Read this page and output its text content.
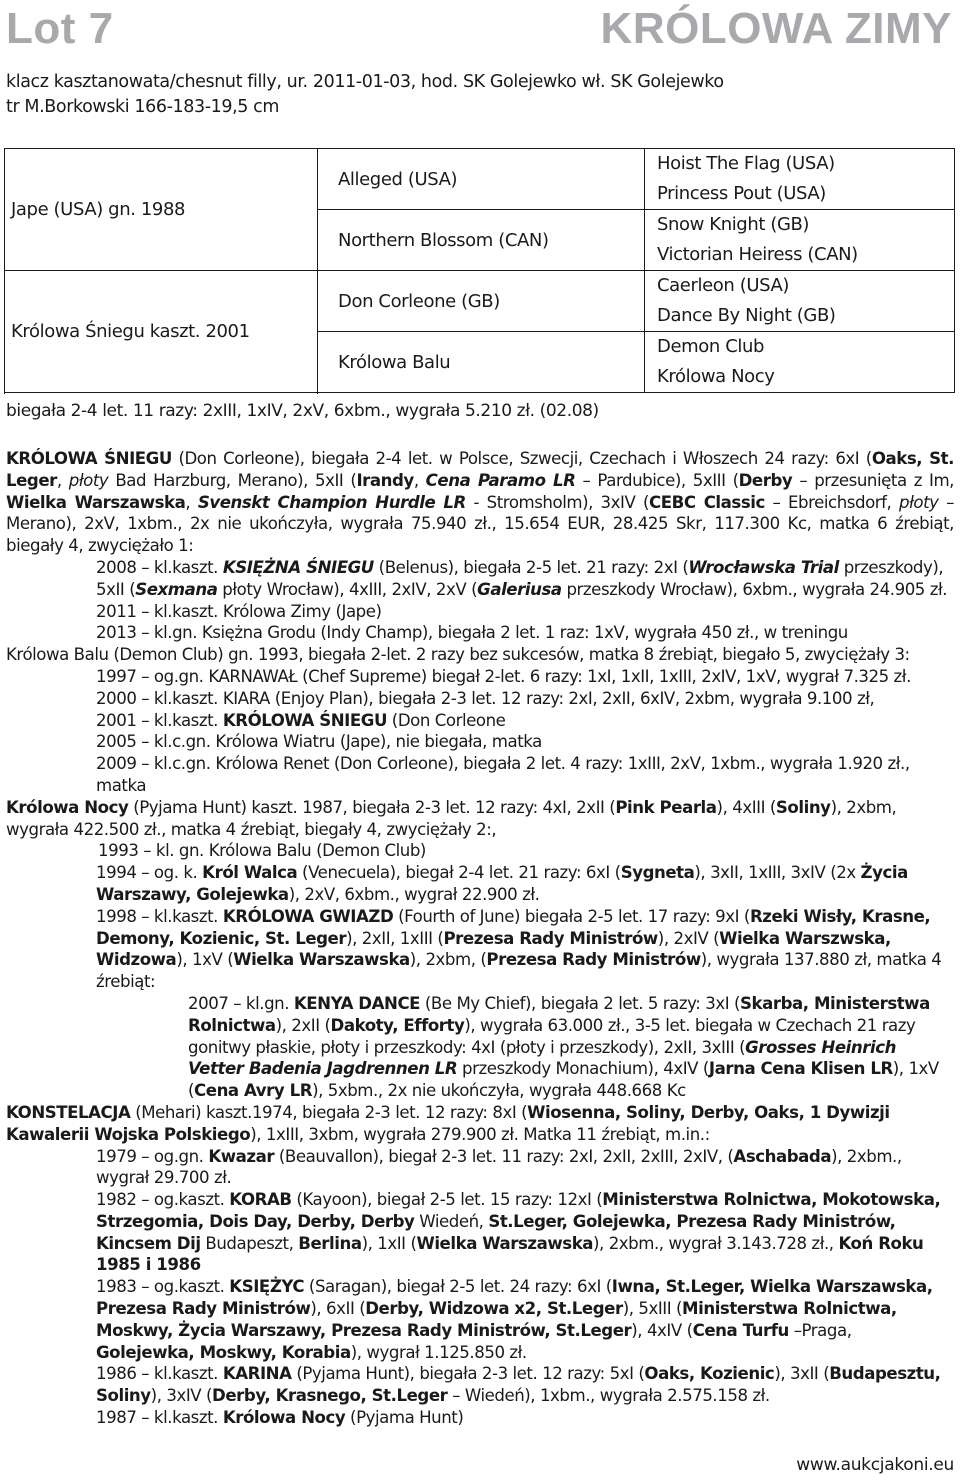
Lot 7	KRÓLOWA ZIMY
klacz kasztanowata/chesnut filly, ur. 2011-01-03, hod. SK Golejewko wł. SK Golejewko
tr M.Borkowski 166-183-19,5 cm
Jape (USA) gn. 1988	Alleged (USA)	Hoist The Flag (USA)
Princess Pout (USA)

	Northern Blossom (CAN)	Snow Knight (GB)
Victorian Heiress (CAN)

Królowa Śniegu kaszt. 2001	Don Corleone (GB)	Caerleon (USA)
Dance By Night (GB)

	Królowa Balu	Demon Club
Królowa Nocy

biegała 2-4 let. 11 razy: 2xIII, 1xIV, 2xV, 6xbm., wygrała 5.210 zł. (02.08)

KRÓLOWA ŚNIEGU (Don Corleone), biegała 2-4 let. w Polsce, Szwecji, Czechach i Włoszech 24 razy: 6xI (Oaks, St. Leger, płoty Bad Harzburg, Merano), 5xII (Irandy, Cena Paramo LR – Pardubice), 5xIII (Derby – przesunięta z Im, Wielka Warszawska, Svenskt Champion Hurdle LR - Stromsholm), 3xIV (CEBC Classic – Ebreichsdorf, płoty – Merano), 2xV, 1xbm., 2x nie ukończyła, wygrała 75.940 zł., 15.654 EUR, 28.425 Skr, 117.300 Kc, matka 6 źrebiąt, biegały 4, zwyciężało 1:

2008 – kl.kaszt. KSIĘŻNA ŚNIEGU (Belenus), biegała 2-5 let. 21 razy: 2xI (Wrocławska Trial przeszkody), 5xII (Sexmana płoty Wrocław), 4xIII, 2xIV, 2xV (Galeriusa przeszkody Wrocław), 6xbm., wygrała 24.905 zł.

2011 – kl.kaszt. Królowa Zimy (Jape)

2013 – kl.gn. Księżna Grodu (Indy Champ), biegała 2 let. 1 raz: 1xV, wygrała 450 zł., w treningu

Królowa Balu (Demon Club) gn. 1993, biegała 2-let. 2 razy bez sukcesów, matka 8 źrebiąt, biegało 5, zwyciężały 3:

1997 – og.gn. KARNAWAŁ (Chef Supreme) biegał 2-let. 6 razy: 1xI, 1xII, 1xIII, 2xIV, 1xV, wygrał 7.325 zł.

2000 – kl.kaszt. KIARA (Enjoy Plan), biegała 2-3 let. 12 razy: 2xI, 2xII, 6xIV, 2xbm, wygrała 9.100 zł,

2001 – kl.kaszt. KRÓLOWA ŚNIEGU (Don Corleone

2005 – kl.c.gn. Królowa Wiatru (Jape), nie biegała, matka

2009 – kl.c.gn. Królowa Renet (Don Corleone), biegała 2 let. 4 razy: 1xIII, 2xV, 1xbm., wygrała 1.920 zł., matka

Królowa Nocy (Pyjama Hunt) kaszt. 1987, biegała 2-3 let. 12 razy: 4xI, 2xII (Pink Pearla), 4xIII (Soliny), 2xbm, wygrała 422.500 zł., matka 4 źrebiąt, biegały 4, zwyciężały 2:,

1993 – kl. gn. Królowa Balu (Demon Club)

1994 – og. k. Król Walca (Venecuela), biegał 2-4 let. 21 razy: 6xI (Sygneta), 3xII, 1xIII, 3xIV (2x Życia Warszawy, Golejewka), 2xV, 6xbm., wygrał 22.900 zł.

1998 – kl.kaszt. KRÓLOWA GWIAZD (Fourth of June) biegała 2-5 let. 17 razy: 9xI (Rzeki Wisły, Krasne, Demony, Kozienic, St. Leger), 2xII, 1xIII (Prezesa Rady Ministrów), 2xIV (Wielka Warszwska, Widzowa), 1xV (Wielka Warszawska), 2xbm, (Prezesa Rady Ministrów), wygrała 137.880 zł, matka 4 źrebiąt:

2007 – kl.gn. KENYA DANCE (Be My Chief), biegała 2 let. 5 razy: 3xI (Skarba, Ministerstwa Rolnictwa), 2xII (Dakoty, Efforty), wygrała 63.000 zł., 3-5 let. biegała w Czechach 21 razy gonitwy płaskie, płoty i przeszkody: 4xI (płoty i przeszkody), 2xII, 3xIII (Grosses Heinrich Vetter Badenia Jagdrennen LR przeszkody Monachium), 4xIV (Jarna Cena Klisen LR), 1xV (Cena Avry LR), 5xbm., 2x nie ukończyła, wygrała 448.668 Kc

KONSTELACJA (Mehari) kaszt.1974, biegała 2-3 let. 12 razy: 8xI (Wiosenna, Soliny, Derby, Oaks, 1 Dywizji Kawalerii Wojska Polskiego), 1xIII, 3xbm, wygrała 279.900 zł. Matka 11 źrebiąt, m.in.:

1979 – og.gn. Kwazar (Beauvallon), biegał 2-3 let. 11 razy: 2xI, 2xII, 2xIII, 2xIV, (Aschabada), 2xbm., wygrał 29.700 zł.

1982 – og.kaszt. KORAB (Kayoon), biegał 2-5 let. 15 razy: 12xI (Ministerstwa Rolnictwa, Mokotowska, Strzegomia, Dois Day, Derby, Derby Wiedeń, St.Leger, Golejewka, Prezesa Rady Ministrów, Kincsem Dij Budapeszt, Berlina), 1xII (Wielka Warszawska), 2xbm., wygrał 3.143.728 zł., Koń Roku 1985 i 1986

1983 – og.kaszt. KSIĘŻYC (Saragan), biegał 2-5 let. 24 razy: 6xI (Iwna, St.Leger, Wielka Warszawska, Prezesa Rady Ministrów), 6xII (Derby, Widzowa x2, St.Leger), 5xIII (Ministerstwa Rolnictwa, Moskwy, Życia Warszawy, Prezesa Rady Ministrów, St.Leger), 4xIV (Cena Turfu –Praga, Golejewka, Moskwy, Korabia), wygrał 1.125.850 zł.

1986 – kl.kaszt. KARINA (Pyjama Hunt), biegała 2-3 let. 12 razy: 5xI (Oaks, Kozienic), 3xII (Budapesztu, Soliny), 3xIV (Derby, Krasnego, St.Leger – Wiedeń), 1xbm., wygrała 2.575.158 zł.

1987 – kl.kaszt. Królowa Nocy (Pyjama Hunt)

www.aukcjakoni.eu
